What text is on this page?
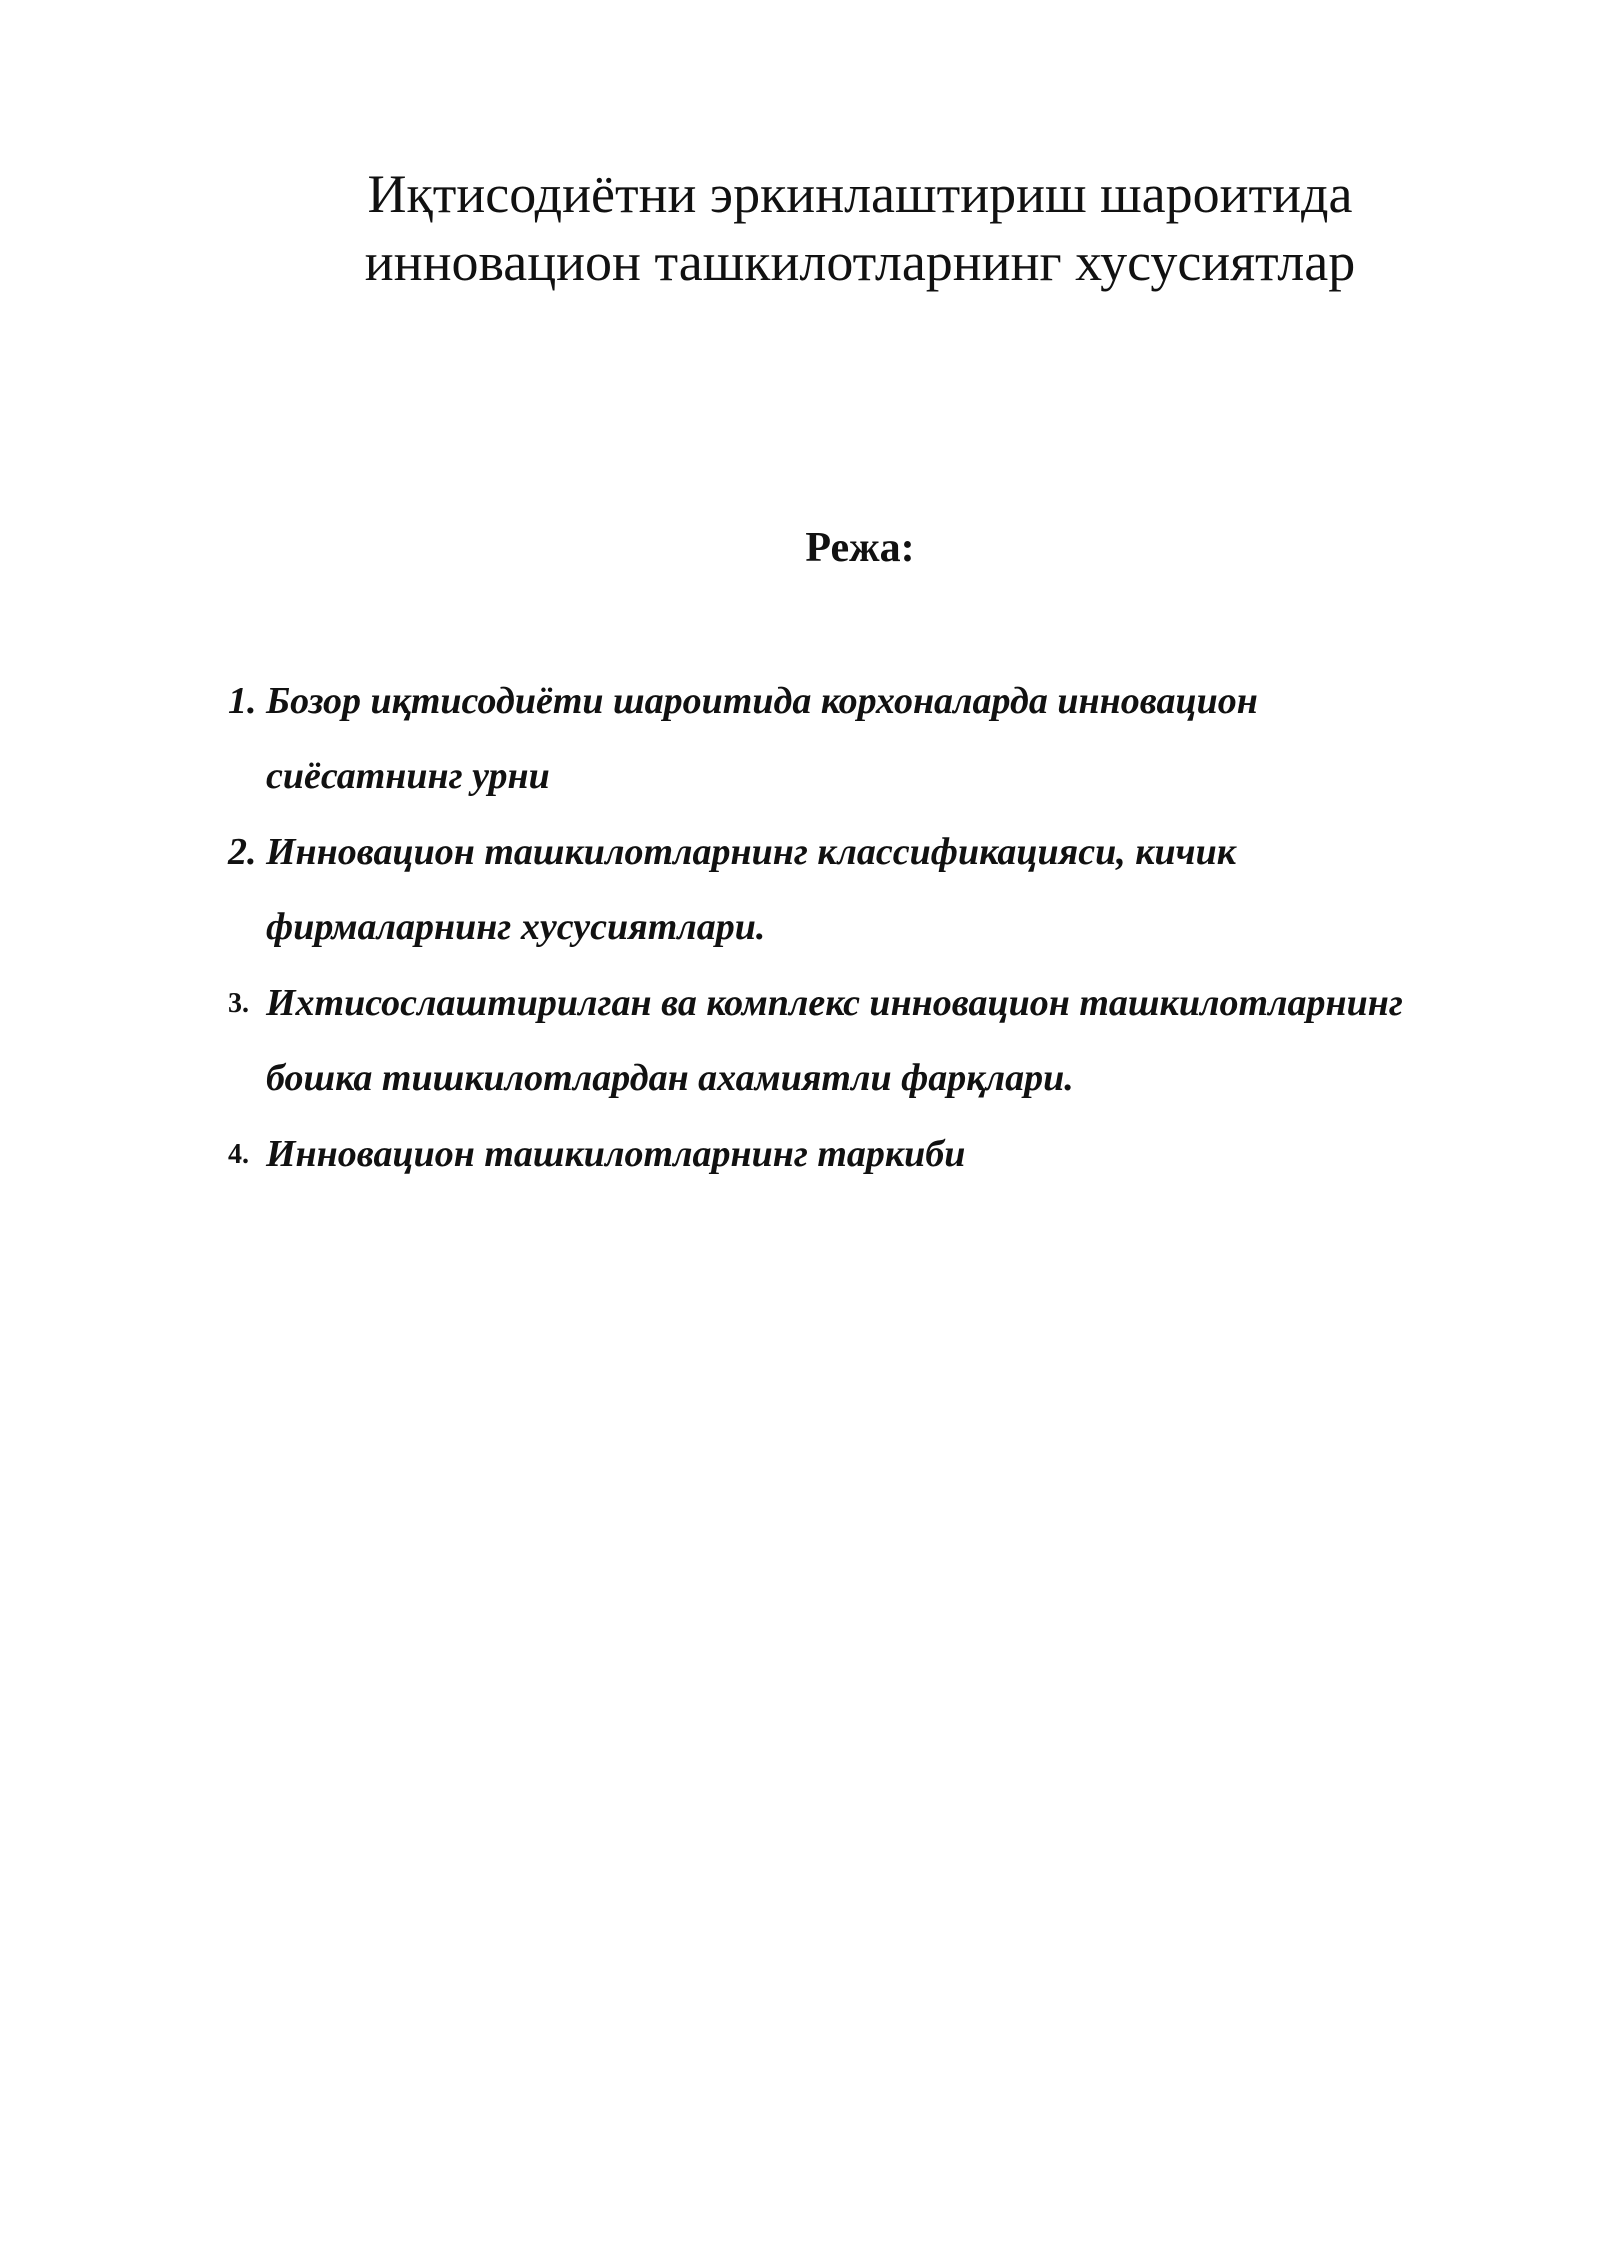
Иқтисодиётни эркинлаштириш шароитида
инновацион ташкилотларнинг хусусиятлар
Режа:
1. Бозор иқтисодиёти шароитида корхоналарда инновацион сиёсатнинг урни
2. Инновацион ташкилотларнинг классификацияси, кичик фирмаларнинг хусусиятлари.
3. Ихтисослаштирилган ва комплекс инновацион ташкилотларнинг бошка тишкилотлардан ахамиятли фарқлари.
4. Инновацион ташкилотларнинг таркиби
